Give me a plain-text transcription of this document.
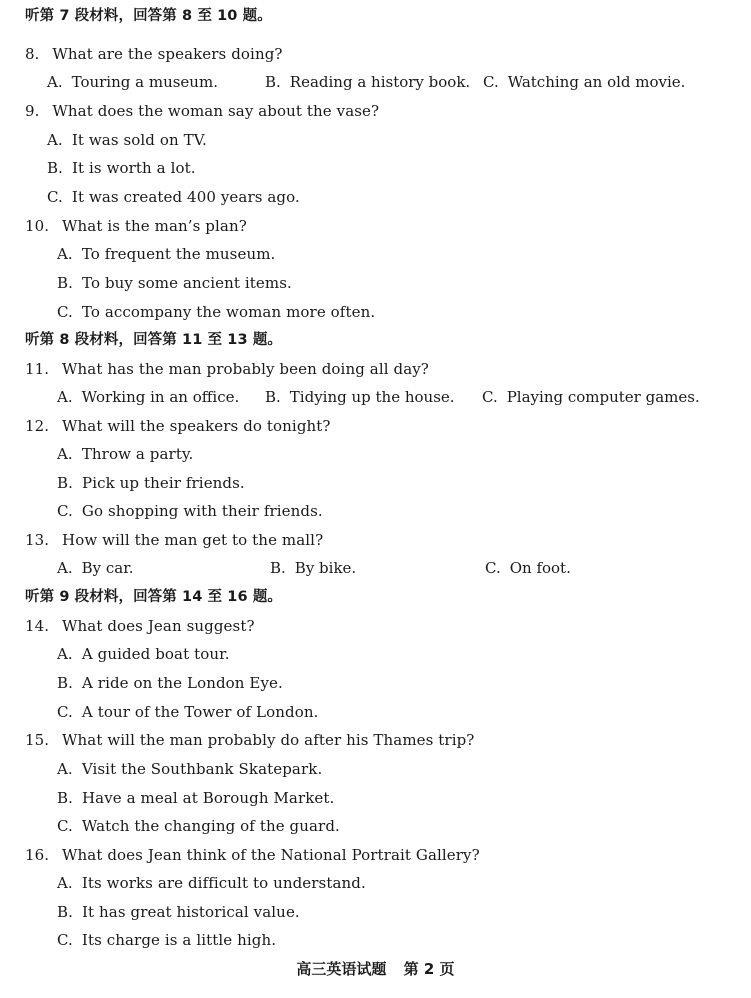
听第 7 段材料，回答第 8 至 10 题。
8. What are the speakers doing?
A. Touring a museum.	B. Reading a history book. C. Watching an old movie.
9. What does the woman say about the vase?
A. It was sold on TV.
B. It is worth a lot.
C. It was created 400 years ago.
10. What is the man’s plan?
A. To frequent the museum.
B. To buy some ancient items.
C. To accompany the woman more often.
听第 8 段材料，回答第 11 至 13 题。
11. What has the man probably been doing all day?
A. Working in an office. B. Tidying up the house. C. Playing computer games.
12. What will the speakers do tonight?
A. Throw a party.
B. Pick up their friends.
C. Go shopping with their friends.
13. How will the man get to the mall?
A. By car.	B. By bike.	C. On foot.
听第 9 段材料，回答第 14 至 16 题。
14. What does Jean suggest?
A. A guided boat tour.
B. A ride on the London Eye.
C. A tour of the Tower of London.
15. What will the man probably do after his Thames trip?
A. Visit the Southbank Skatepark.
B. Have a meal at Borough Market.
C. Watch the changing of the guard.
16. What does Jean think of the National Portrait Gallery?
A. Its works are difficult to understand.
B. It has great historical value.
C. Its charge is a little high.
高三英语试题 第 2 页
